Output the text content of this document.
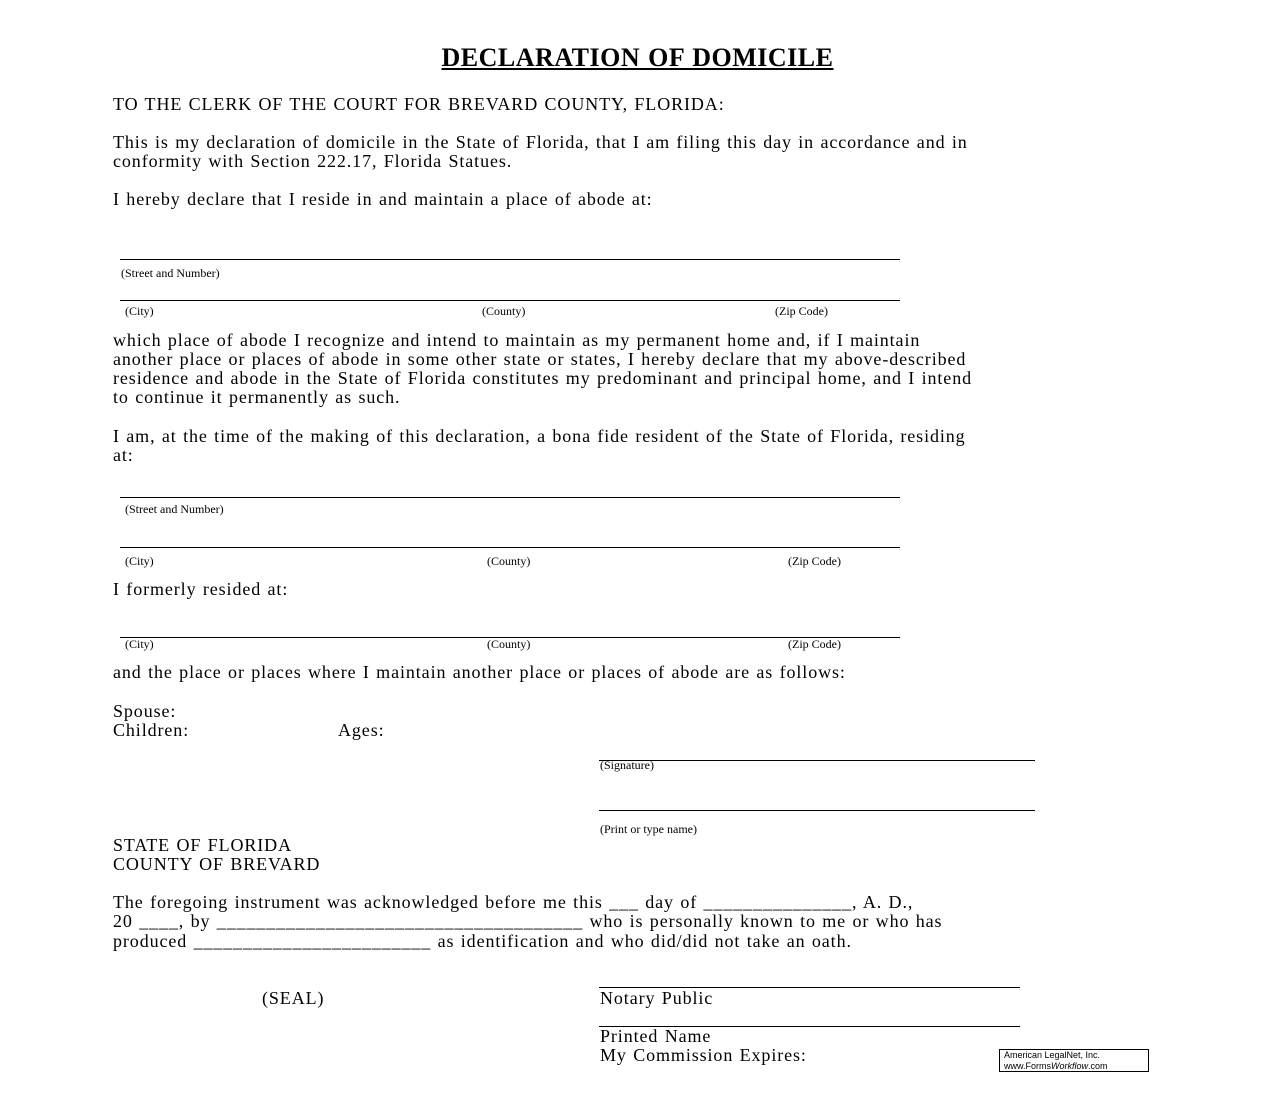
DECLARATION OF DOMICILE
TO THE CLERK OF THE COURT FOR BREVARD COUNTY, FLORIDA:
This is my declaration of domicile in the State of Florida, that I am filing this day in accordance and in
conformity with Section 222.17, Florida Statues.
I hereby declare that I reside in and maintain a place of abode at:
(Street and Number)
(City)	(County)	(Zip Code)
which place of abode I recognize and intend to maintain as my permanent home and, if I maintain
another place or places of abode in some other state or states, I hereby declare that my above-described
residence and abode in the State of Florida constitutes my predominant and principal home, and I intend
to continue it permanently as such.
I am, at the time of the making of this declaration, a bona fide resident of the State of Florida, residing
at:
(Street and Number)
(City)	(County)	(Zip Code)
I formerly resided at:
(City)	(County)	(Zip Code)
and the place or places where I maintain another place or places of abode are as follows:
Spouse:
Children:	Ages:
(Signature)
(Print or type name)
STATE OF FLORIDA
COUNTY OF BREVARD
The foregoing instrument was acknowledged before me this ___ day of _______________, A. D.,
20 ____, by _____________________________________ who is personally known to me or who has
produced ________________________ as identification and who did/did not take an oath.
(SEAL)	Notary Public
Printed Name
My Commission Expires:	American LegalNet, Inc.
www.FormsWorkflow.com
